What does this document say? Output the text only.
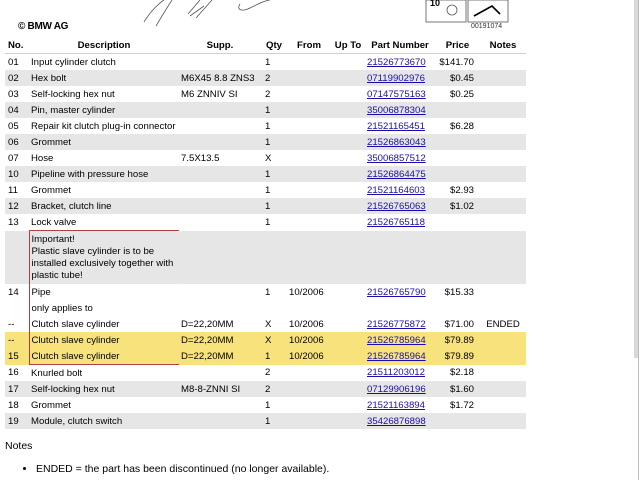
10
© BMW AG	00191074
No.	Description	Supp.	Qty	From	Up To	Part Number	Price	Notes
01	Input cylinder clutch		1			21526773670	$141.70	
02	Hex bolt	M6X45 8.8 ZNS3	2			07119902976	$0.45	
03	Self-locking hex nut	M6 ZNNIV SI	2			07147575163	$0.25	
04	Pin, master cylinder		1			35006878304		
05	Repair kit clutch plug-in connector		1			21521165451	$6.28	
06	Grommet		1			21526863043		
07	Hose	7.5X13.5	X			35006857512		
10	Pipeline with pressure hose		1			21526864475		
11	Grommet		1			21521164603	$2.93	
12	Bracket, clutch line		1			21526765063	$1.02	
13	Lock valve		1			21526765118		

	Important!
Plastic slave cylinder is to be installed exclusively together with plastic tube!							

14	Pipe		1	10/2006		21526765790	$15.33	
	only applies to							
--	Clutch slave cylinder	D=22,20MM	X	10/2006		21526775872	$71.00	ENDED
--	Clutch slave cylinder	D=22,20MM	X	10/2006		21526785964	$79.89	
15	Clutch slave cylinder	D=22,20MM	1	10/2006		21526785964	$79.89	
16	Knurled bolt		2			21511203012	$2.18	
17	Self-locking hex nut	M8-8-ZNNI SI	2			07129906196	$1.60	
18	Grommet		1			21521163894	$1.72	
19	Module, clutch switch		1			35426876898		
Notes
• ENDED = the part has been discontinued (no longer available).
